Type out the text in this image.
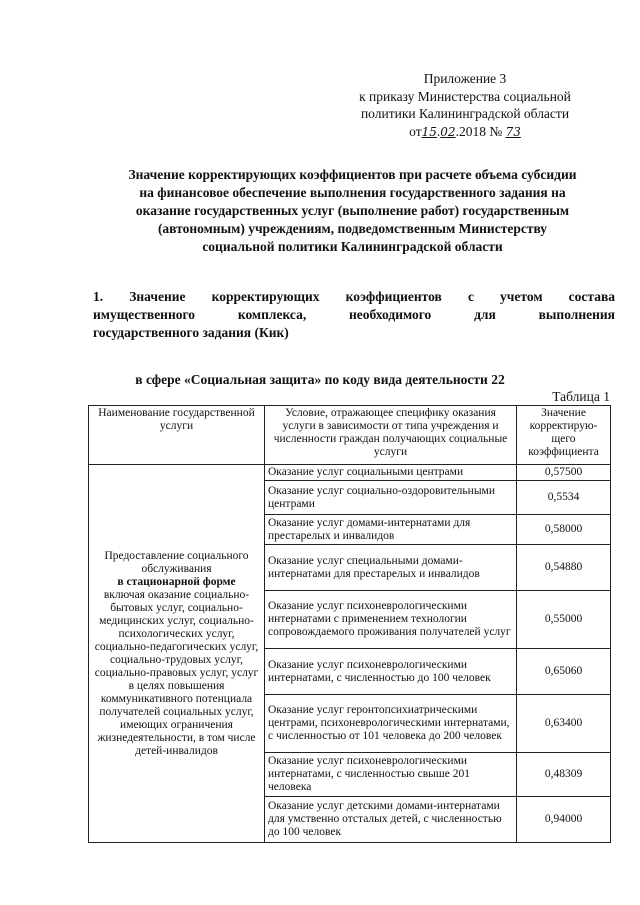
Приложение 3
к приказу Министерства социальной
политики Калининградской области
от15.02.2018 № 73
Значение корректирующих коэффициентов при расчете объема субсидии
на финансовое обеспечение выполнения государственного задания на
оказание государственных услуг (выполнение работ) государственным
(автономным) учреждениям, подведомственным Министерству
социальной политики Калининградской области
1. Значение корректирующих коэффициентов с учетом состава
имущественного комплекса, необходимого для выполнения
государственного задания (Кик)
в сфере «Социальная защита» по коду вида деятельности 22
Таблица 1
Наименование государственной услуги	Условие, отражающее специфику оказания услуги в зависимости от типа учреждения и численности граждан получающих социальные услуги	Значение корректирую-щего коэффициента
Предоставление социального обслуживания
в стационарной форме
включая оказание социально-бытовых услуг, социально-медицинских услуг, социально-психологических услуг, социально-педагогических услуг, социально-трудовых услуг, социально-правовых услуг, услуг в целях повышения коммуникативного потенциала получателей социальных услуг, имеющих ограничения жизнедеятельности, в том числе детей-инвалидов	Оказание услуг социальными центрами	0,57500
	Оказание услуг социально-оздоровительными центрами	0,5534
	Оказание услуг домами-интернатами для престарелых и инвалидов	0,58000
	Оказание услуг специальными домами-интернатами для престарелых и инвалидов	0,54880
	Оказание услуг психоневрологическими интернатами с применением технологии сопровождаемого проживания получателей услуг	0,55000
	Оказание услуг психоневрологическими интернатами, с численностью до 100 человек	0,65060
	Оказание услуг геронтопсихиатрическими центрами, психоневрологическими интернатами, с численностью от 101 человека до 200 человек	0,63400
	Оказание услуг психоневрологическими интернатами, с численностью свыше 201 человека	0,48309
	Оказание услуг детскими домами-интернатами для умственно отсталых детей, с численностью до 100 человек	0,94000
